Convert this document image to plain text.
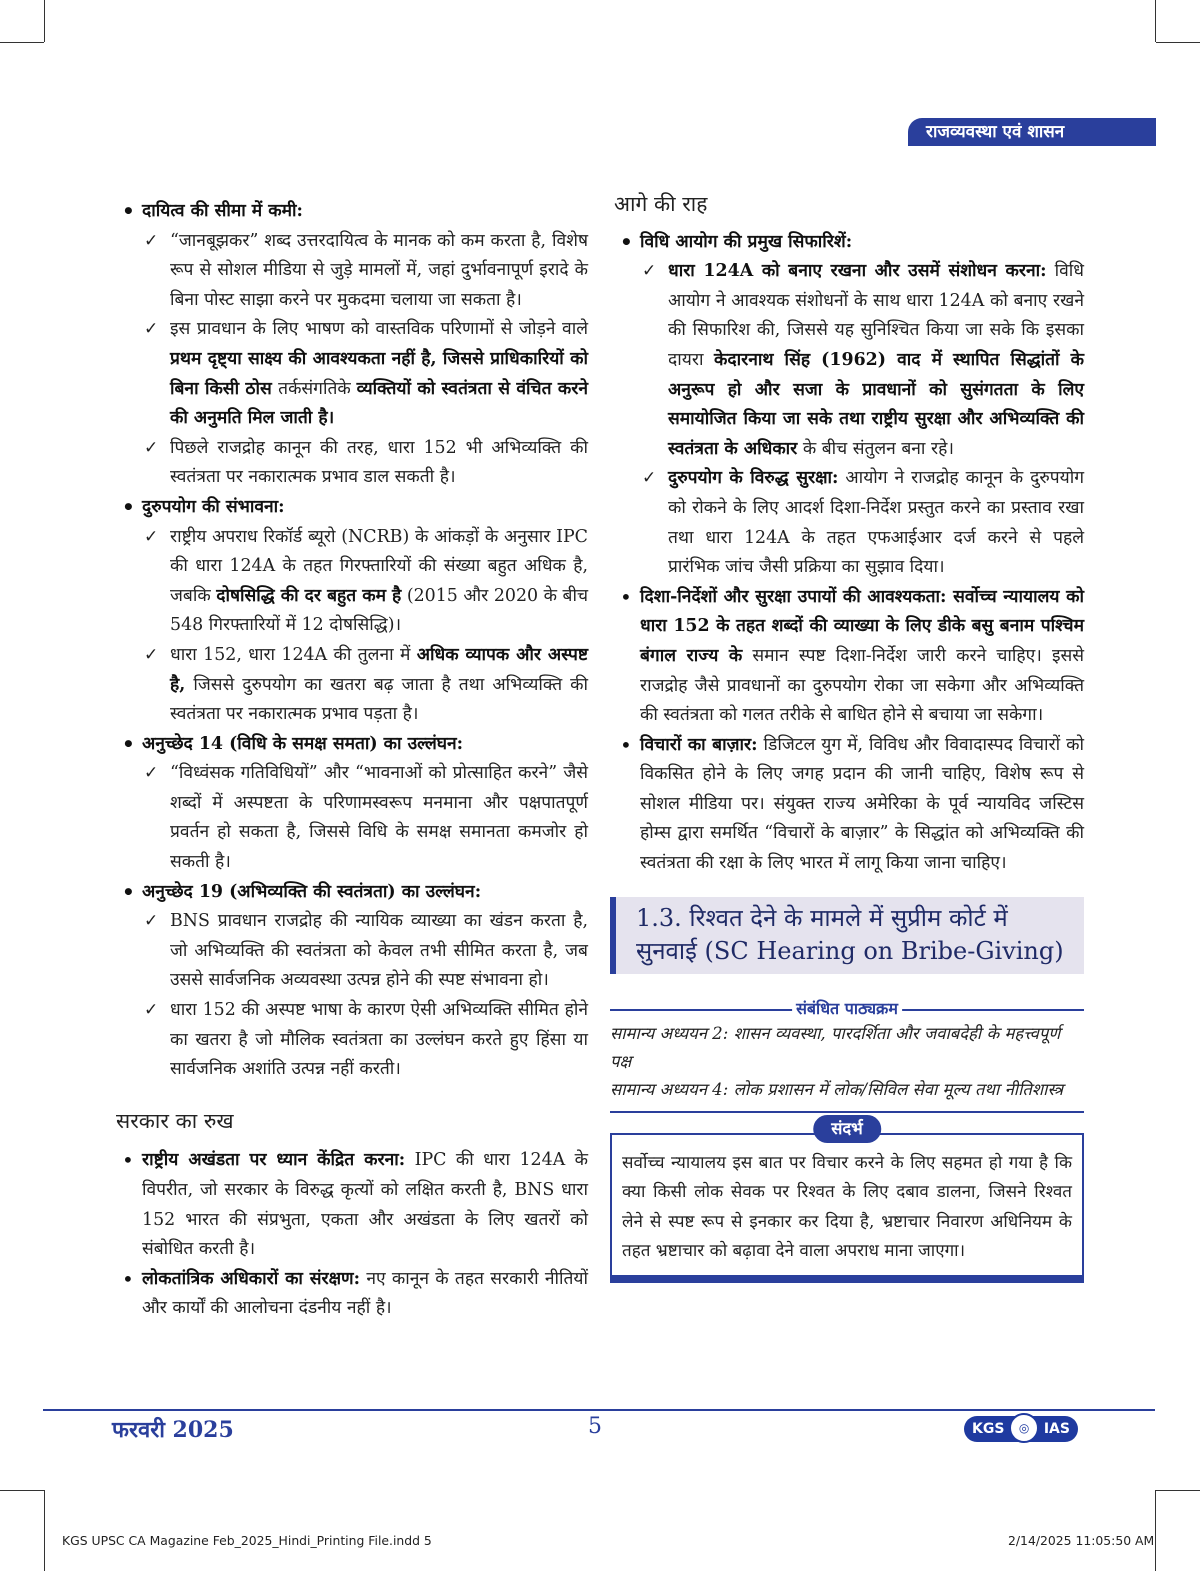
राजव्यवस्था एवं शासन
• दायित्व की सीमा में कमी:
✓ “जानबूझकर” शब्द उत्तरदायित्व के मानक को कम करता है, विशेष रूप से सोशल मीडिया से जुड़े मामलों में, जहां दुर्भावनापूर्ण इरादे के बिना पोस्ट साझा करने पर मुकदमा चलाया जा सकता है।
✓ इस प्रावधान के लिए भाषण को वास्तविक परिणामों से जोड़ने वाले प्रथम दृष्ट्या साक्ष्य की आवश्यकता नहीं है, जिससे प्राधिकारियों को बिना किसी ठोस तर्कसंगतिके व्यक्तियों को स्वतंत्रता से वंचित करने की अनुमति मिल जाती है।
✓ पिछले राजद्रोह कानून की तरह, धारा 152 भी अभिव्यक्ति की स्वतंत्रता पर नकारात्मक प्रभाव डाल सकती है।
• दुरुपयोग की संभावना:
✓ राष्ट्रीय अपराध रिकॉर्ड ब्यूरो (NCRB) के आंकड़ों के अनुसार IPC की धारा 124A के तहत गिरफ्तारियों की संख्या बहुत अधिक है, जबकि दोषसिद्धि की दर बहुत कम है (2015 और 2020 के बीच 548 गिरफ्तारियों में 12 दोषसिद्धि)।
✓ धारा 152, धारा 124A की तुलना में अधिक व्यापक और अस्पष्ट है, जिससे दुरुपयोग का खतरा बढ़ जाता है तथा अभिव्यक्ति की स्वतंत्रता पर नकारात्मक प्रभाव पड़ता है।
• अनुच्छेद 14 (विधि के समक्ष समता) का उल्लंघन:
✓ “विध्वंसक गतिविधियों” और “भावनाओं को प्रोत्साहित करने” जैसे शब्दों में अस्पष्टता के परिणामस्वरूप मनमाना और पक्षपातपूर्ण प्रवर्तन हो सकता है, जिससे विधि के समक्ष समानता कमजोर हो सकती है।
• अनुच्छेद 19 (अभिव्यक्ति की स्वतंत्रता) का उल्लंघन:
✓ BNS प्रावधान राजद्रोह की न्यायिक व्याख्या का खंडन करता है, जो अभिव्यक्ति की स्वतंत्रता को केवल तभी सीमित करता है, जब उससे सार्वजनिक अव्यवस्था उत्पन्न होने की स्पष्ट संभावना हो।
✓ धारा 152 की अस्पष्ट भाषा के कारण ऐसी अभिव्यक्ति सीमित होने का खतरा है जो मौलिक स्वतंत्रता का उल्लंघन करते हुए हिंसा या सार्वजनिक अशांति उत्पन्न नहीं करती।
सरकार का रुख
• राष्ट्रीय अखंडता पर ध्यान केंद्रित करना: IPC की धारा 124A के विपरीत, जो सरकार के विरुद्ध कृत्यों को लक्षित करती है, BNS धारा 152 भारत की संप्रभुता, एकता और अखंडता के लिए खतरों को संबोधित करती है।
• लोकतांत्रिक अधिकारों का संरक्षण: नए कानून के तहत सरकारी नीतियों और कार्यों की आलोचना दंडनीय नहीं है।
आगे की राह
• विधि आयोग की प्रमुख सिफारिशें:
✓ धारा 124A को बनाए रखना और उसमें संशोधन करना: विधि आयोग ने आवश्यक संशोधनों के साथ धारा 124A को बनाए रखने की सिफारिश की, जिससे यह सुनिश्चित किया जा सके कि इसका दायरा केदारनाथ सिंह (1962) वाद में स्थापित सिद्धांतों के अनुरूप हो और सजा के प्रावधानों को सुसंगतता के लिए समायोजित किया जा सके तथा राष्ट्रीय सुरक्षा और अभिव्यक्ति की स्वतंत्रता के अधिकार के बीच संतुलन बना रहे।
✓ दुरुपयोग के विरुद्ध सुरक्षा: आयोग ने राजद्रोह कानून के दुरुपयोग को रोकने के लिए आदर्श दिशा-निर्देश प्रस्तुत करने का प्रस्ताव रखा तथा धारा 124A के तहत एफआईआर दर्ज करने से पहले प्रारंभिक जांच जैसी प्रक्रिया का सुझाव दिया।
• दिशा-निर्देशों और सुरक्षा उपायों की आवश्यकता: सर्वोच्च न्यायालय को धारा 152 के तहत शब्दों की व्याख्या के लिए डीके बसु बनाम पश्चिम बंगाल राज्य के समान स्पष्ट दिशा-निर्देश जारी करने चाहिए। इससे राजद्रोह जैसे प्रावधानों का दुरुपयोग रोका जा सकेगा और अभिव्यक्ति की स्वतंत्रता को गलत तरीके से बाधित होने से बचाया जा सकेगा।
• विचारों का बाज़ार: डिजिटल युग में, विविध और विवादास्पद विचारों को विकसित होने के लिए जगह प्रदान की जानी चाहिए, विशेष रूप से सोशल मीडिया पर। संयुक्त राज्य अमेरिका के पूर्व न्यायविद जस्टिस होम्स द्वारा समर्थित “विचारों के बाज़ार” के सिद्धांत को अभिव्यक्ति की स्वतंत्रता की रक्षा के लिए भारत में लागू किया जाना चाहिए।
1.3. रिश्वत देने के मामले में सुप्रीम कोर्ट में सुनवाई (SC Hearing on Bribe-Giving)
संबंधित पाठ्यक्रम
सामान्य अध्ययन 2: शासन व्यवस्था, पारदर्शिता और जवाबदेही के महत्त्वपूर्ण पक्ष
सामान्य अध्ययन 4: लोक प्रशासन में लोक/सिविल सेवा मूल्य तथा नीतिशास्त्र
संदर्भ
सर्वोच्च न्यायालय इस बात पर विचार करने के लिए सहमत हो गया है कि क्या किसी लोक सेवक पर रिश्वत के लिए दबाव डालना, जिसने रिश्वत लेने से स्पष्ट रूप से इनकार कर दिया है, भ्रष्टाचार निवारण अधिनियम के तहत भ्रष्टाचार को बढ़ावा देने वाला अपराध माना जाएगा।
फरवरी 2025	5	KGS	◎	IAS
KGS UPSC CA Magazine Feb_2025_Hindi_Printing File.indd 5	2/14/2025 11:05:50 AM
